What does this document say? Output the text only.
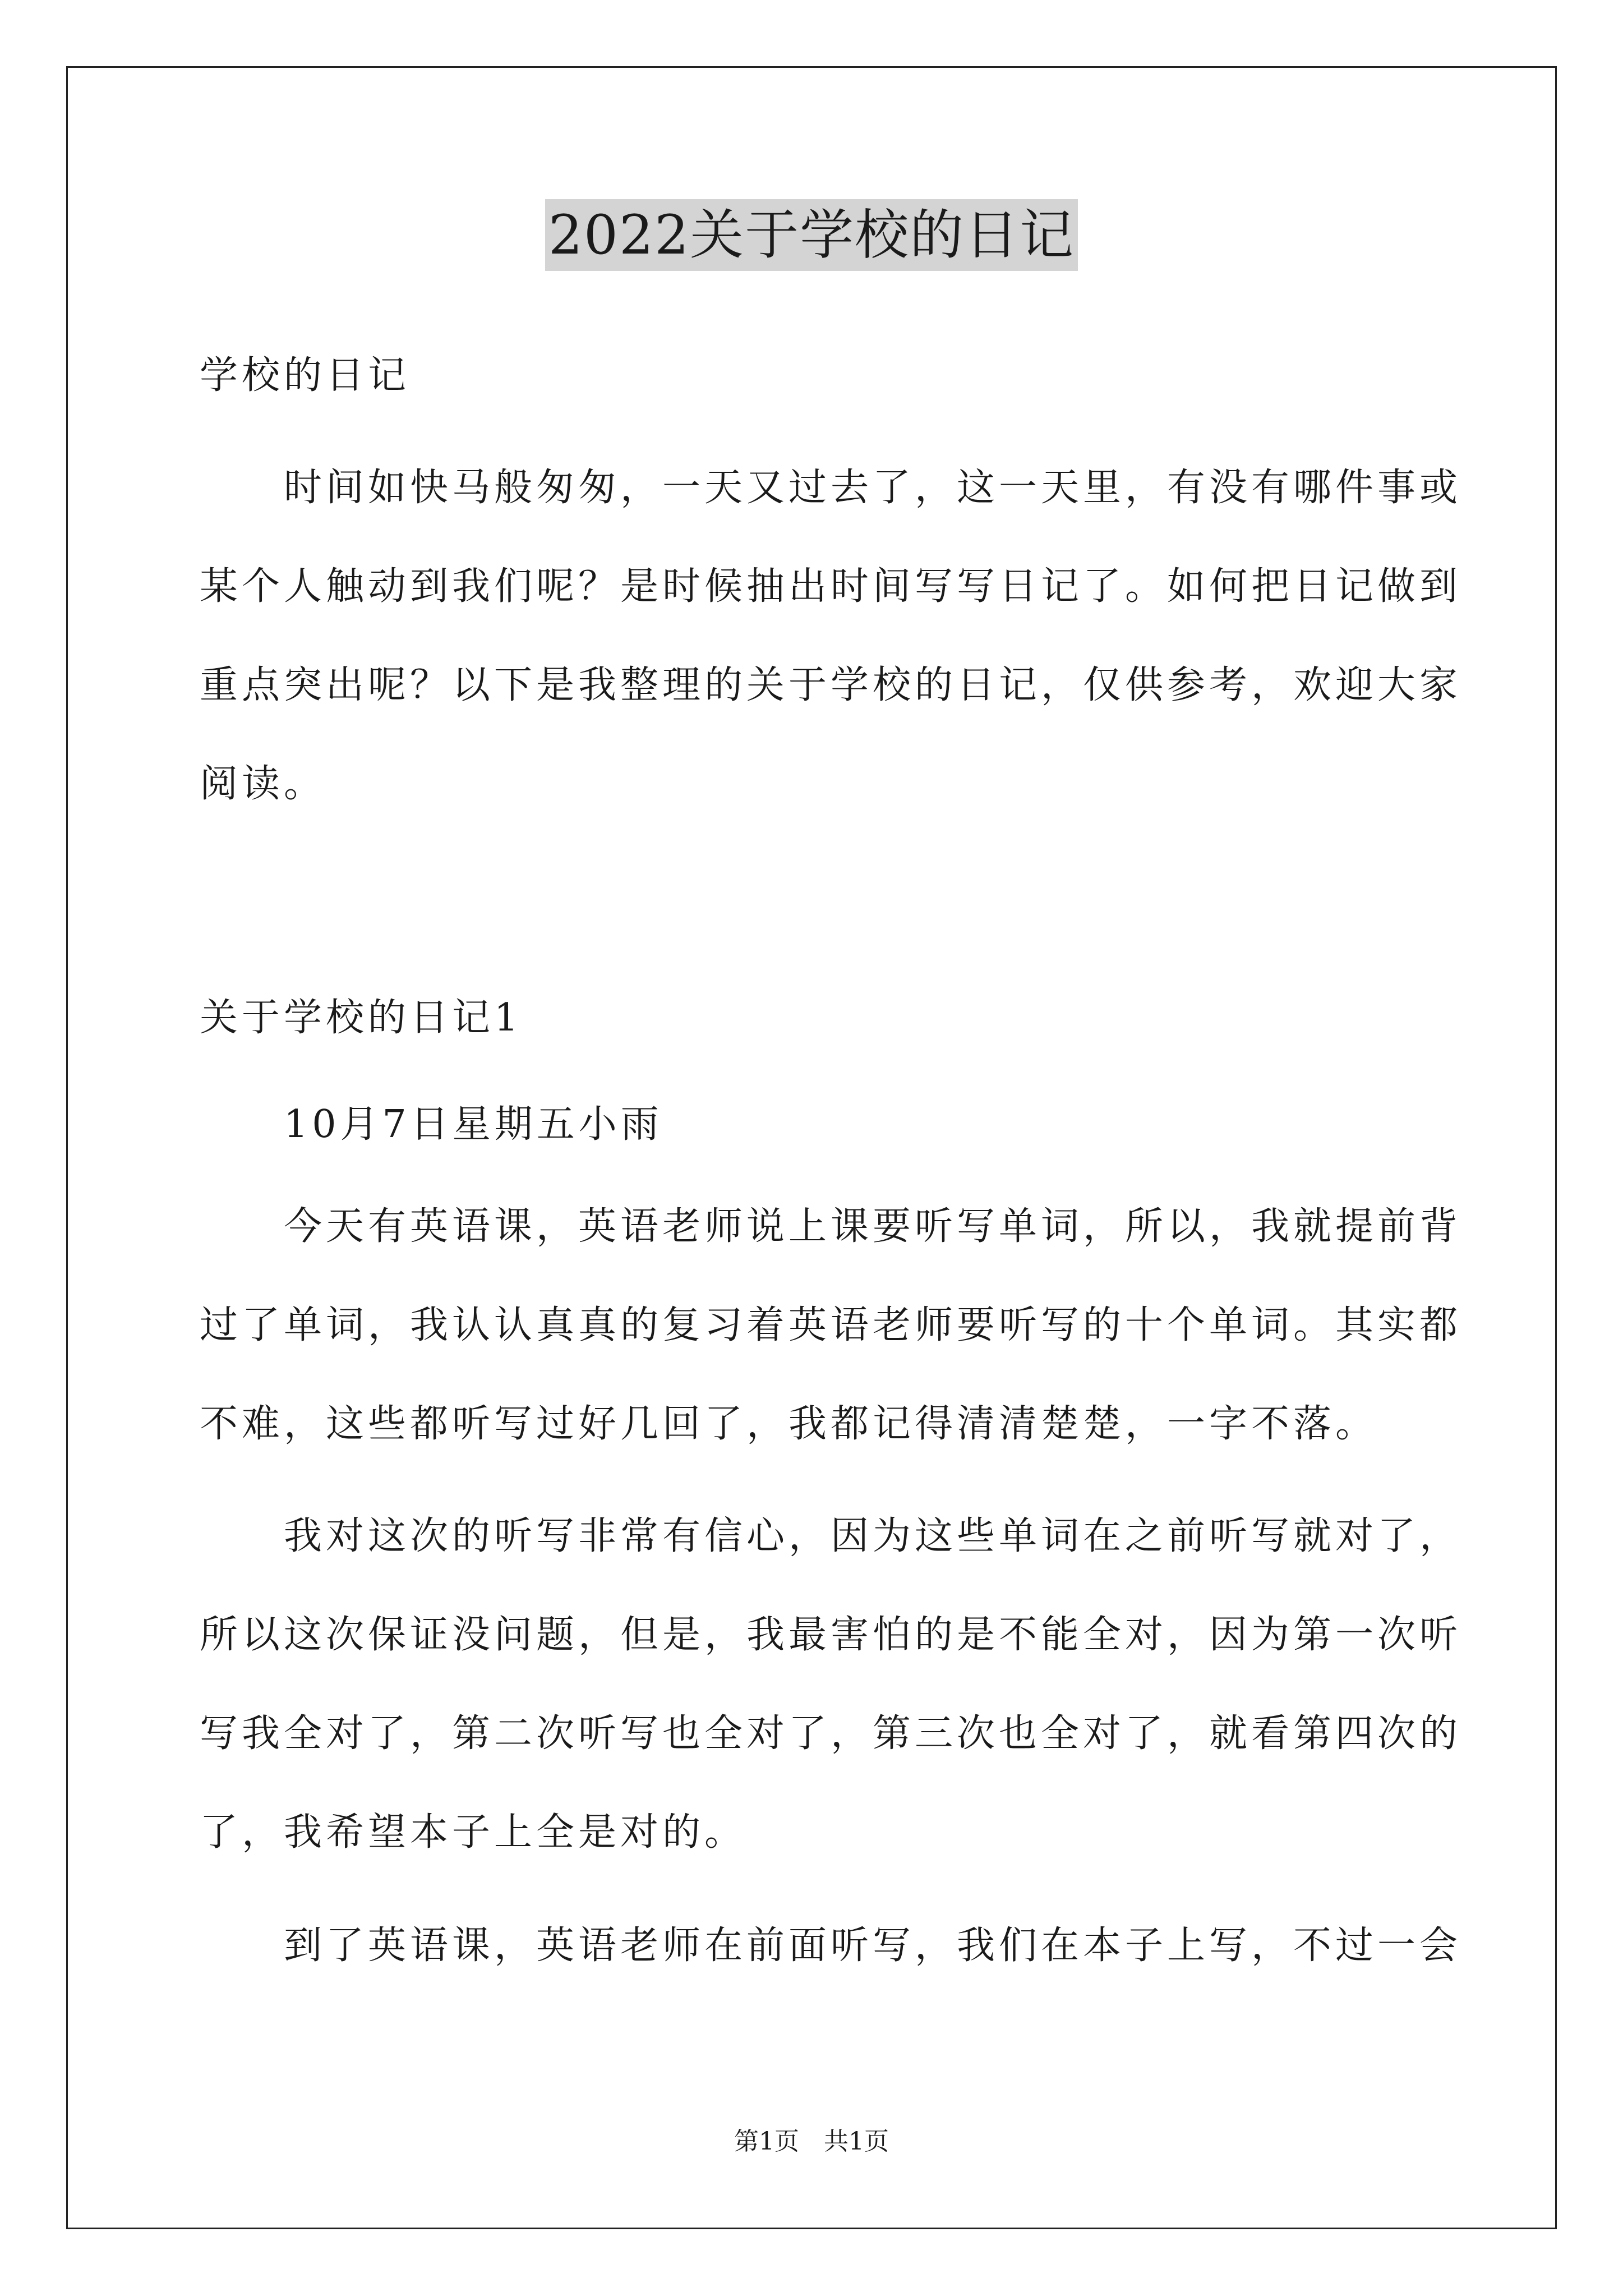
2022关于学校的日记
学校的日记
　　时间如快马般匆匆，一天又过去了，这一天里，有没有哪件事或
某个人触动到我们呢？是时候抽出时间写写日记了。如何把日记做到
重点突出呢？以下是我整理的关于学校的日记，仅供参考，欢迎大家
阅读。
关于学校的日记1
　　10月7日星期五小雨
　　今天有英语课，英语老师说上课要听写单词，所以，我就提前背
过了单词，我认认真真的复习着英语老师要听写的十个单词。其实都
不难，这些都听写过好几回了，我都记得清清楚楚，一字不落。
　　我对这次的听写非常有信心，因为这些单词在之前听写就对了，
所以这次保证没问题，但是，我最害怕的是不能全对，因为第一次听
写我全对了，第二次听写也全对了，第三次也全对了，就看第四次的
了，我希望本子上全是对的。
　　到了英语课，英语老师在前面听写，我们在本子上写，不过一会
第1页　共1页
